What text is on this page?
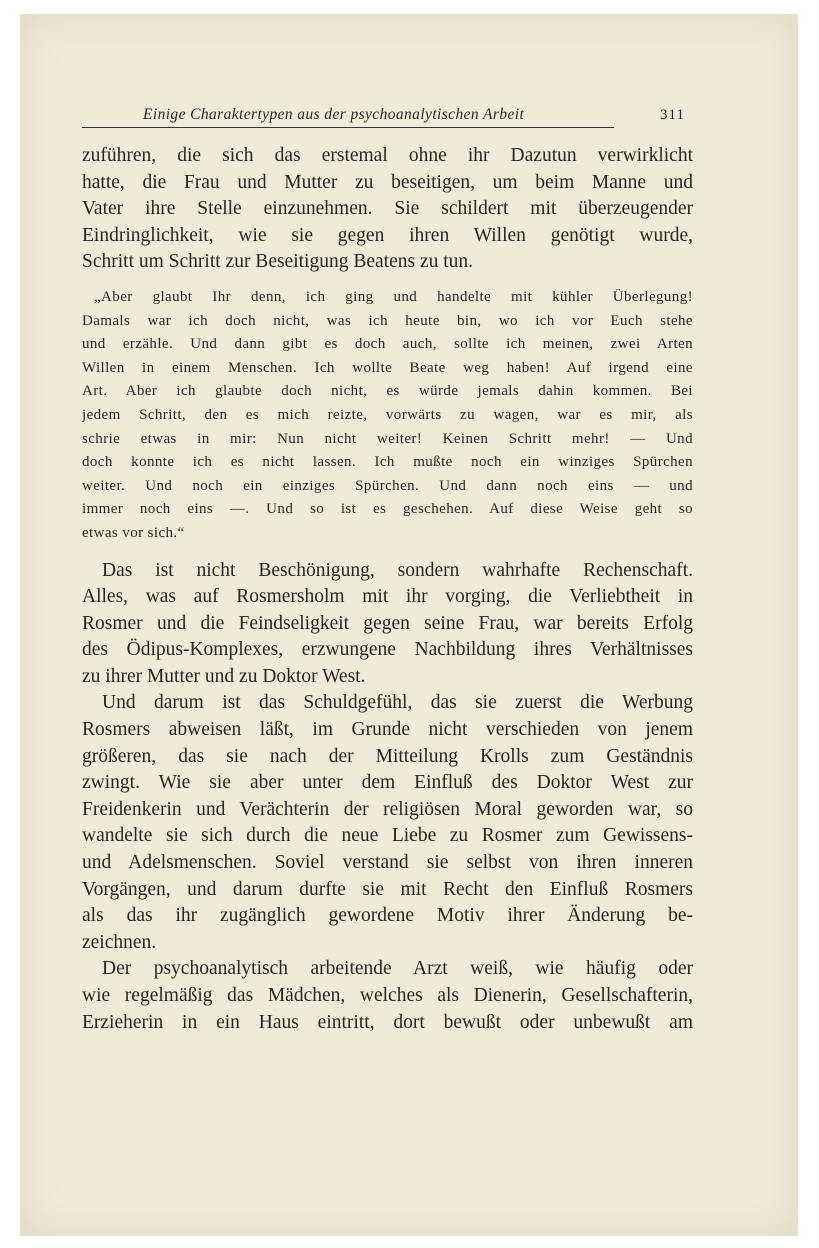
Einige Charaktertypen aus der psychoanalytischen Arbeit	311
zuführen, die sich das erstemal ohne ihr Dazutun verwirklicht
hatte, die Frau und Mutter zu beseitigen, um beim Manne und
Vater ihre Stelle einzunehmen. Sie schildert mit überzeugender
Eindringlichkeit, wie sie gegen ihren Willen genötigt wurde,
Schritt um Schritt zur Beseitigung Beatens zu tun.
„Aber glaubt Ihr denn, ich ging und handelte mit kühler Überlegung!
Damals war ich doch nicht, was ich heute bin, wo ich vor Euch stehe
und erzähle. Und dann gibt es doch auch, sollte ich meinen, zwei Arten
Willen in einem Menschen. Ich wollte Beate weg haben! Auf irgend eine
Art. Aber ich glaubte doch nicht, es würde jemals dahin kommen. Bei
jedem Schritt, den es mich reizte, vorwärts zu wagen, war es mir, als
schrie etwas in mir: Nun nicht weiter! Keinen Schritt mehr! — Und
doch konnte ich es nicht lassen. Ich mußte noch ein winziges Spürchen
weiter. Und noch ein einziges Spürchen. Und dann noch eins — und
immer noch eins —. Und so ist es geschehen. Auf diese Weise geht so
etwas vor sich.“
Das ist nicht Beschönigung, sondern wahrhafte Rechenschaft.
Alles, was auf Rosmersholm mit ihr vorging, die Verliebtheit in
Rosmer und die Feindseligkeit gegen seine Frau, war bereits Erfolg
des Ödipus-Komplexes, erzwungene Nachbildung ihres Verhältnisses
zu ihrer Mutter und zu Doktor West.
Und darum ist das Schuldgefühl, das sie zuerst die Werbung
Rosmers abweisen läßt, im Grunde nicht verschieden von jenem
größeren, das sie nach der Mitteilung Krolls zum Geständnis
zwingt. Wie sie aber unter dem Einfluß des Doktor West zur
Freidenkerin und Verächterin der religiösen Moral geworden war, so
wandelte sie sich durch die neue Liebe zu Rosmer zum Gewissens-
und Adelsmenschen. Soviel verstand sie selbst von ihren inneren
Vorgängen, und darum durfte sie mit Recht den Einfluß Rosmers
als das ihr zugänglich gewordene Motiv ihrer Änderung be-
zeichnen.
Der psychoanalytisch arbeitende Arzt weiß, wie häufig oder
wie regelmäßig das Mädchen, welches als Dienerin, Gesellschafterin,
Erzieherin in ein Haus eintritt, dort bewußt oder unbewußt am
